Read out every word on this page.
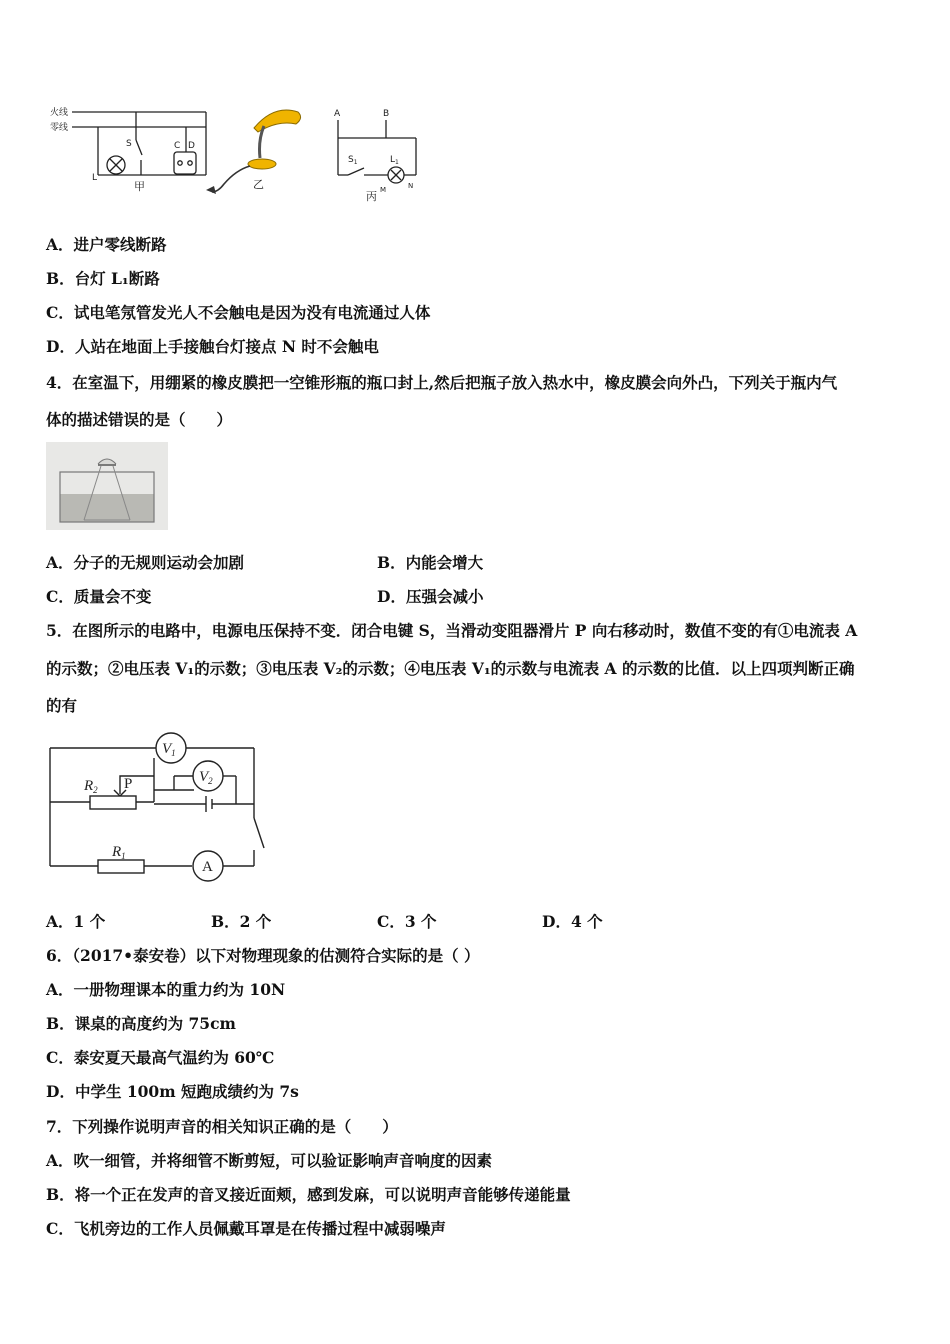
火线
零线
S
L
C D
甲	乙
A	B
$S_1$	$L_1$
M	N
丙
A．进户零线断路
B．台灯 L₁断路
C．试电笔氖管发光人不会触电是因为没有电流通过人体
D．人站在地面上手接触台灯接点 N 时不会触电
4．在室温下，用绷紧的橡皮膜把一空锥形瓶的瓶口封上,然后把瓶子放入热水中，橡皮膜会向外凸，下列关于瓶内气
体的描述错误的是（　　）
A．分子的无规则运动会加剧	B．内能会增大
C．质量会不变	D．压强会减小
5．在图所示的电路中，电源电压保持不变．闭合电键 S，当滑动变阻器滑片 P 向右移动时，数值不变的有①电流表 A
的示数；②电压表 V₁的示数；③电压表 V₂的示数；④电压表 V₁的示数与电流表 A 的示数的比值．以上四项判断正确
的有
$V_1$
$V_2$
$R_2$ P
$R_1$
A
A．1 个	B．2 个	C．3 个	D．4 个
6．（2017•泰安卷）以下对物理现象的估测符合实际的是（ ）
A．一册物理课本的重力约为 10N
B．课桌的高度约为 75cm
C．泰安夏天最高气温约为 60℃
D．中学生 100m 短跑成绩约为 7s
7．下列操作说明声音的相关知识正确的是（　　）
A．吹一细管，并将细管不断剪短，可以验证影响声音响度的因素
B．将一个正在发声的音叉接近面颊，感到发麻，可以说明声音能够传递能量
C．飞机旁边的工作人员佩戴耳罩是在传播过程中减弱噪声
